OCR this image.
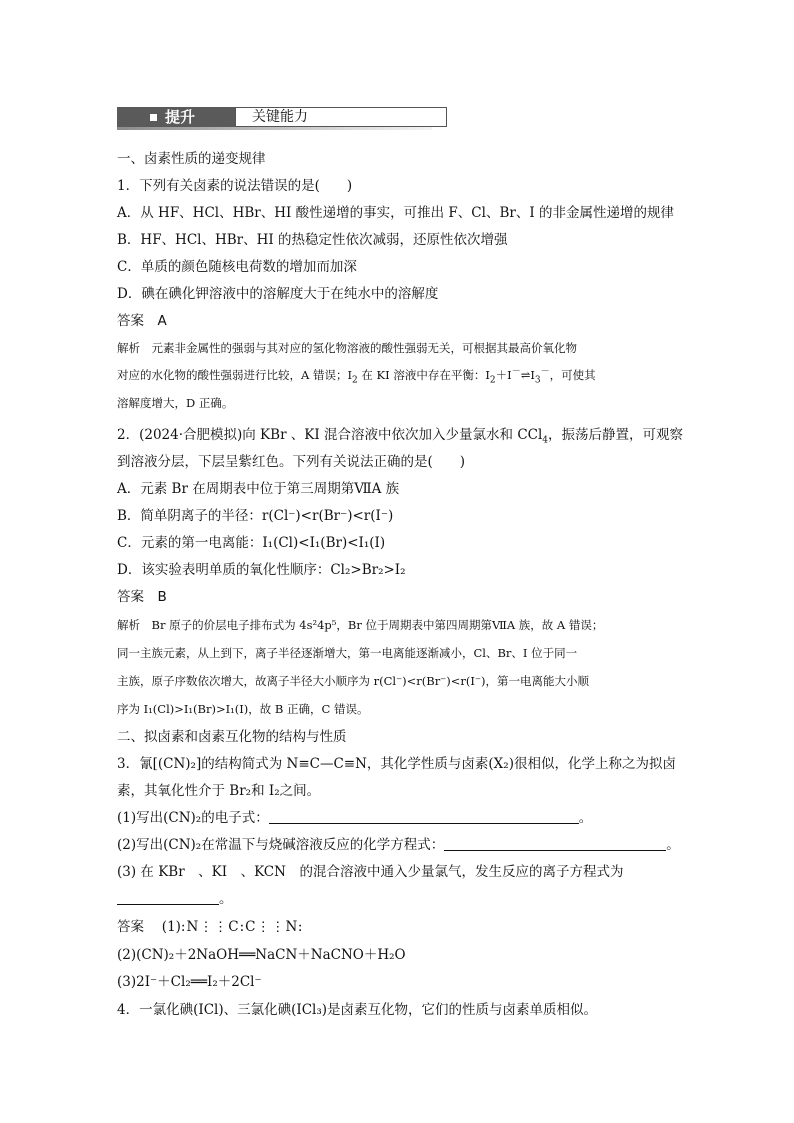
提升	关键能力
一、卤素性质的递变规律
1．下列有关卤素的说法错误的是(　　)
A．从 HF、HCl、HBr、HI 酸性递增的事实，可推出 F、Cl、Br、I 的非金属性递增的规律
B．HF、HCl、HBr、HI 的热稳定性依次减弱，还原性依次增强
C．单质的颜色随核电荷数的增加而加深
D．碘在碘化钾溶液中的溶解度大于在纯水中的溶解度
答案　A
解析　元素非金属性的强弱与其对应的氢化物溶液的酸性强弱无关，可根据其最高价氧化物
对应的水化物的酸性强弱进行比较，A 错误；$I_2$ 在 KI 溶液中存在平衡：$I_2+I^-\rightleftharpoons I_3^-$，可使其
溶解度增大，D 正确。
2．(2024·合肥模拟)向 KBr 、KI 混合溶液中依次加入少量氯水和 CCl$_4$，振荡后静置，可观察
到溶液分层，下层呈紫红色。下列有关说法正确的是(　　)
A．元素 Br 在周期表中位于第三周期第ⅦA 族
B．简单阴离子的半径：r(Cl⁻)<r(Br⁻)<r(I⁻)
C．元素的第一电离能：I₁(Cl)<I₁(Br)<I₁(I)
D．该实验表明单质的氧化性顺序：Cl₂>Br₂>I₂
答案　B
解析　Br 原子的价层电子排布式为 4s²4p⁵，Br 位于周期表中第四周期第ⅦA 族，故 A 错误；
同一主族元素，从上到下，离子半径逐渐增大，第一电离能逐渐减小，Cl、Br、I 位于同一
主族，原子序数依次增大，故离子半径大小顺序为 r(Cl⁻)<r(Br⁻)<r(I⁻)，第一电离能大小顺
序为 I₁(Cl)>I₁(Br)>I₁(I)，故 B 正确，C 错误。
二、拟卤素和卤素互化物的结构与性质
3．氰[(CN)₂]的结构简式为 N≡C—C≡N，其化学性质与卤素(X₂)很相似，化学上称之为拟卤
素，其氧化性介于 Br₂和 I₂之间。
(1)写出(CN)₂的电子式：	。
(2)写出(CN)₂在常温下与烧碱溶液反应的化学方程式：	。
(3) 在 KBr　、KI　、KCN　的混合溶液中通入少量氯气，发生反应的离子方程式为
。
答案　 (1):N⋮⋮C:C⋮⋮N:
(2)(CN)₂＋2NaOH══NaCN＋NaCNO＋H₂O
(3)2I⁻＋Cl₂══I₂＋2Cl⁻
4．一氯化碘(ICl)、三氯化碘(ICl₃)是卤素互化物，它们的性质与卤素单质相似。
